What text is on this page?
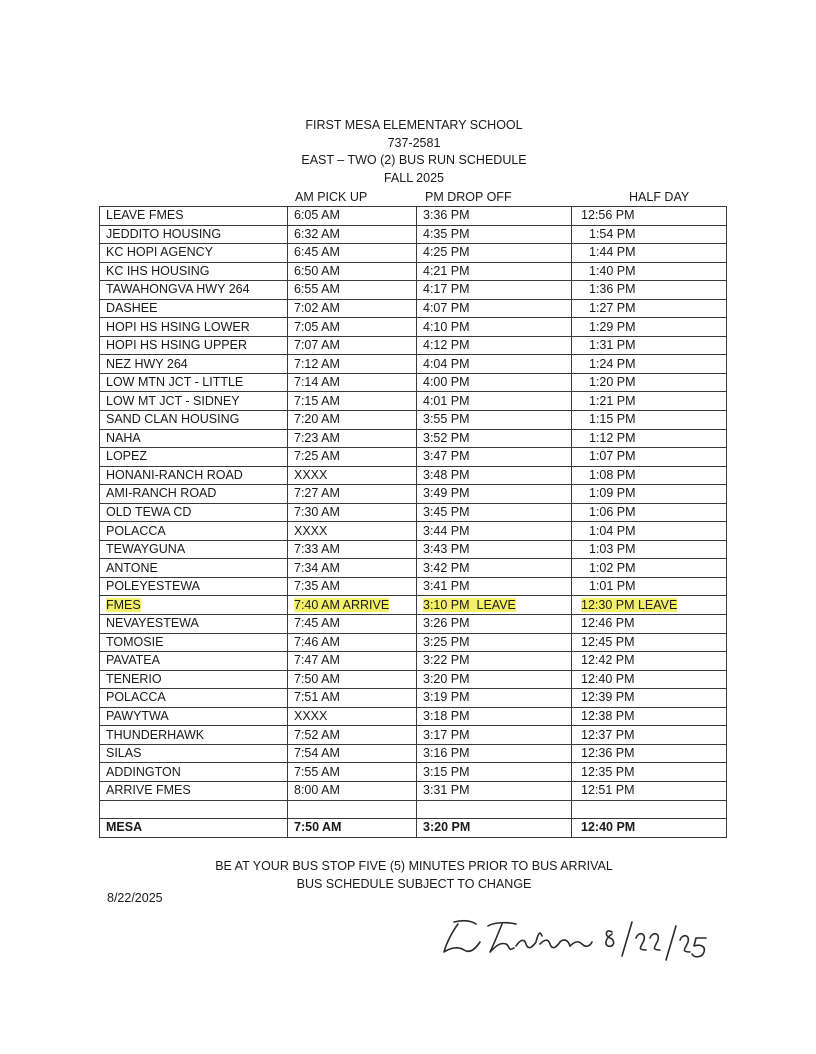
FIRST MESA ELEMENTARY SCHOOL
737-2581
EAST – TWO (2) BUS RUN SCHEDULE
FALL 2025
AM PICK UP	PM DROP OFF	HALF DAY
LEAVE FMES	6:05 AM	3:36 PM	12:56 PM
JEDDITO HOUSING	6:32 AM	4:35 PM	1:54 PM
KC HOPI AGENCY	6:45 AM	4:25 PM	1:44 PM
KC IHS HOUSING	6:50 AM	4:21 PM	1:40 PM
TAWAHONGVA HWY 264	6:55 AM	4:17 PM	1:36 PM
DASHEE	7:02 AM	4:07 PM	1:27 PM
HOPI HS HSING LOWER	7:05 AM	4:10 PM	1:29 PM
HOPI HS HSING UPPER	7:07 AM	4:12 PM	1:31 PM
NEZ HWY 264	7:12 AM	4:04 PM	1:24 PM
LOW MTN JCT - LITTLE	7:14 AM	4:00 PM	1:20 PM
LOW MT JCT - SIDNEY	7:15 AM	4:01 PM	1:21 PM
SAND CLAN HOUSING	7:20 AM	3:55 PM	1:15 PM
NAHA	7:23 AM	3:52 PM	1:12 PM
LOPEZ	7:25 AM	3:47 PM	1:07 PM
HONANI-RANCH ROAD	XXXX	3:48 PM	1:08 PM
AMI-RANCH ROAD	7:27 AM	3:49 PM	1:09 PM
OLD TEWA CD	7:30 AM	3:45 PM	1:06 PM
POLACCA	XXXX	3:44 PM	1:04 PM
TEWAYGUNA	7:33 AM	3:43 PM	1:03 PM
ANTONE	7:34 AM	3:42 PM	1:02 PM
POLEYESTEWA	7:35 AM	3:41 PM	1:01 PM
FMES	7:40 AM ARRIVE	3:10 PM  LEAVE	12:30 PM LEAVE
NEVAYESTEWA	7:45 AM	3:26 PM	12:46 PM
TOMOSIE	7:46 AM	3:25 PM	12:45 PM
PAVATEA	7:47 AM	3:22 PM	12:42 PM
TENERIO	7:50 AM	3:20 PM	12:40 PM
POLACCA	7:51 AM	3:19 PM	12:39 PM
PAWYTWA	XXXX	3:18 PM	12:38 PM
THUNDERHAWK	7:52 AM	3:17 PM	12:37 PM
SILAS	7:54 AM	3:16 PM	12:36 PM
ADDINGTON	7:55 AM	3:15 PM	12:35 PM
ARRIVE FMES	8:00 AM	3:31 PM	12:51 PM

MESA	7:50 AM	3:20 PM	12:40 PM
BE AT YOUR BUS STOP FIVE (5) MINUTES PRIOR TO BUS ARRIVAL
BUS SCHEDULE SUBJECT TO CHANGE
8/22/2025
